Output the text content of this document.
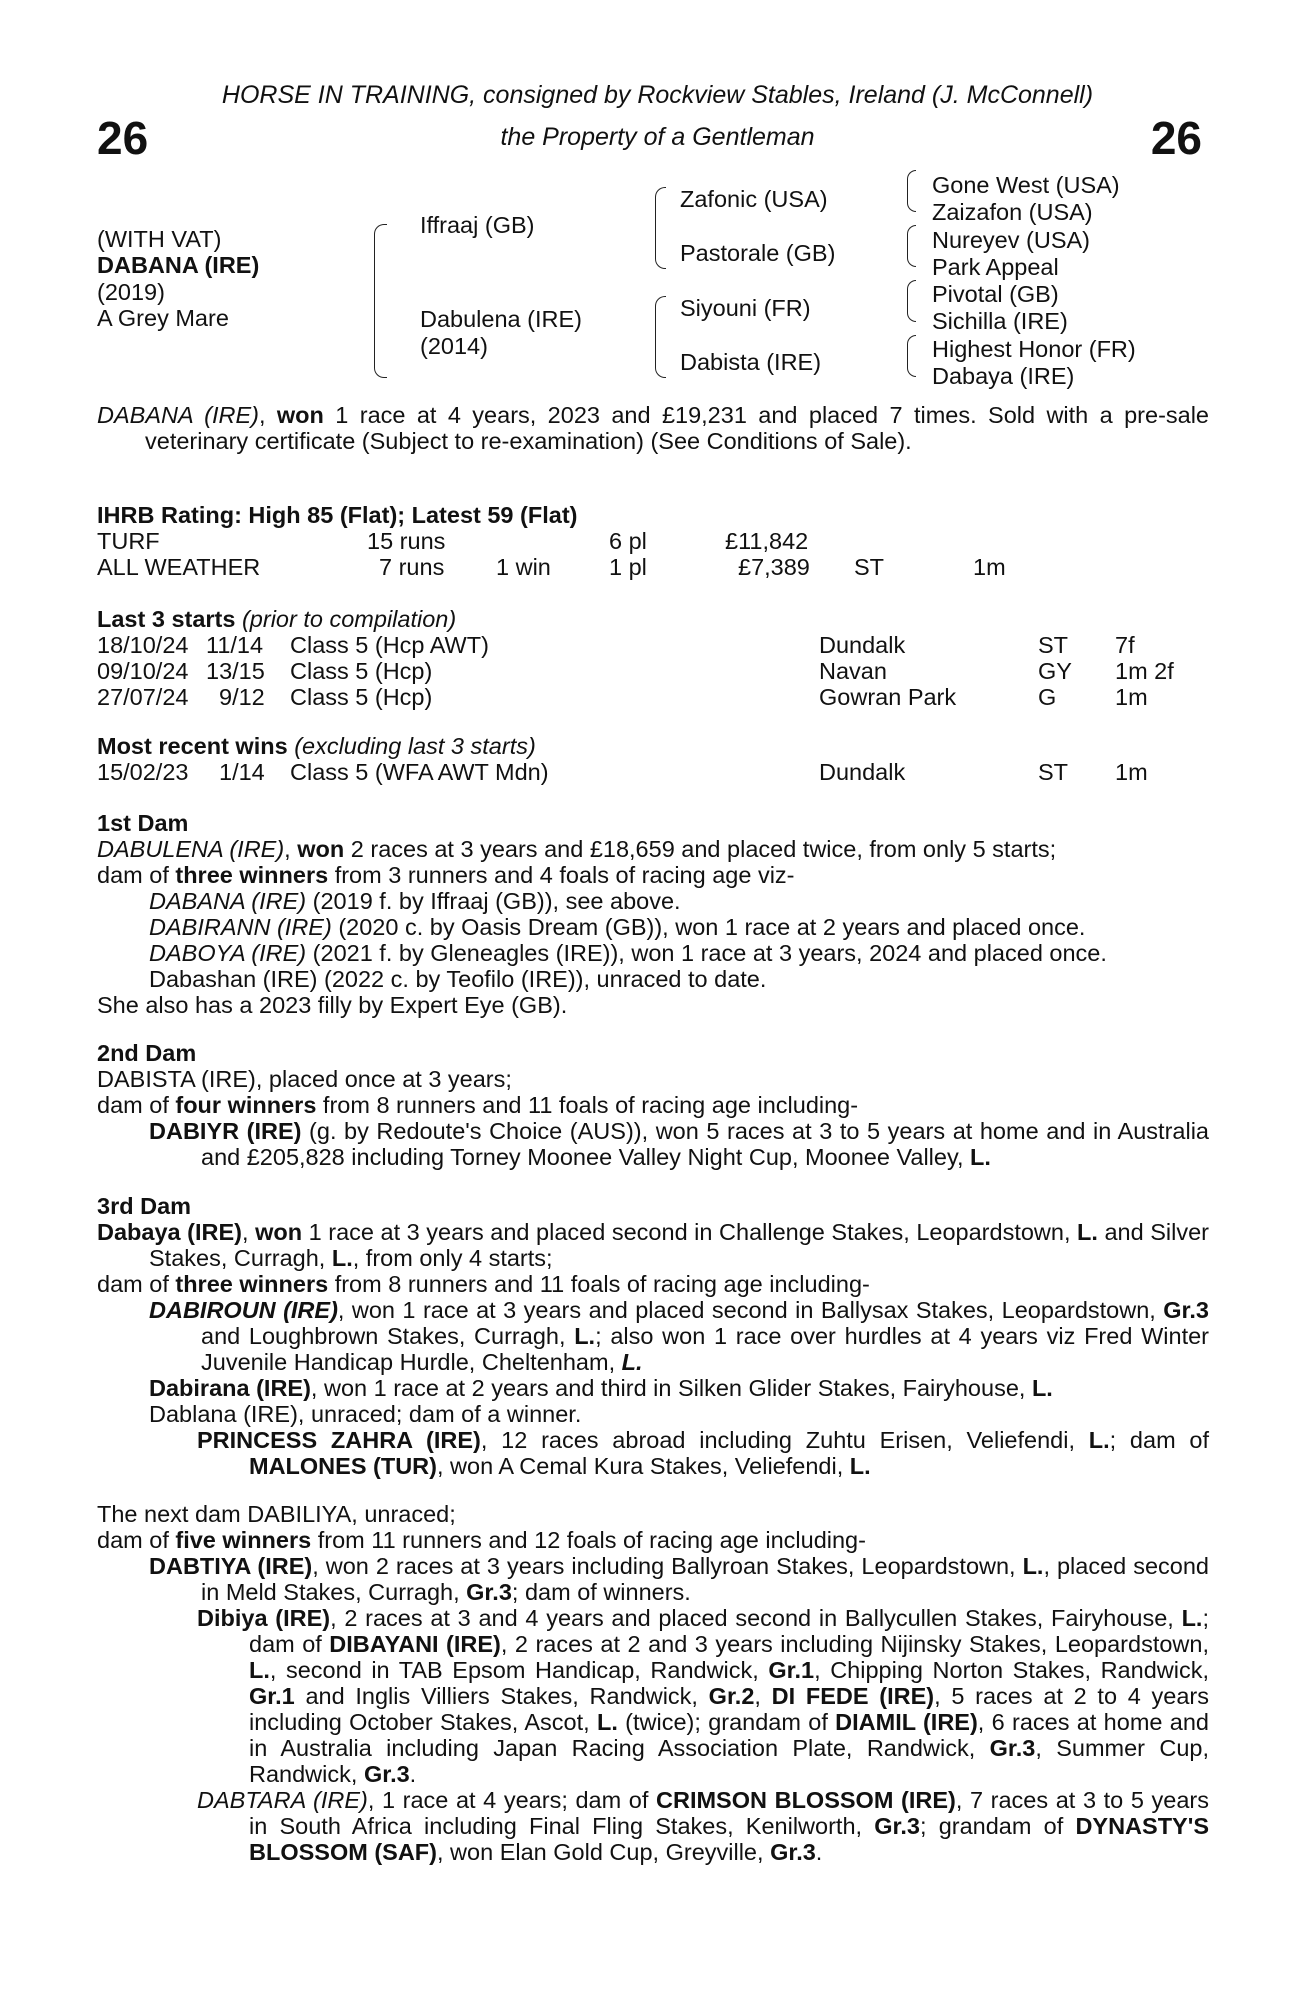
26	26
HORSE IN TRAINING, consigned by Rockview Stables, Ireland (J. McConnell)
the Property of a Gentleman
(WITH VAT)
DABANA (IRE)
(2019)
A Grey Mare
Iffraaj (GB)
Dabulena (IRE)
(2014)
Zafonic (USA)
Pastorale (GB)
Siyouni (FR)
Dabista (IRE)
Gone West (USA)
Zaizafon (USA)
Nureyev (USA)
Park Appeal
Pivotal (GB)
Sichilla (IRE)
Highest Honor (FR)
Dabaya (IRE)

DABANA (IRE), won 1 race at 4 years, 2023 and £19,231 and placed 7 times. Sold with a pre-sale veterinary certificate (Subject to re-examination) (See Conditions of Sale).

IHRB Rating: High 85 (Flat); Latest 59 (Flat)
TURF	15 runs	6 pl	£11,842
ALL WEATHER	7 runs 1 win 1 pl	£7,389 ST	1m
Last 3 starts (prior to compilation)
18/10/24 11/14 Class 5 (Hcp AWT)	Dundalk	ST 7f
09/10/24 13/15 Class 5 (Hcp)	Navan	GY 1m 2f
27/07/24 9/12 Class 5 (Hcp)	Gowran Park	G 1m
Most recent wins (excluding last 3 starts)
15/02/23 1/14 Class 5 (WFA AWT Mdn)	Dundalk	ST 1m

1st Dam

DABULENA (IRE), won 2 races at 3 years and £18,659 and placed twice, from only 5 starts;

dam of three winners from 3 runners and 4 foals of racing age viz-

DABANA (IRE) (2019 f. by Iffraaj (GB)), see above.

DABIRANN (IRE) (2020 c. by Oasis Dream (GB)), won 1 race at 2 years and placed once.

DABOYA (IRE) (2021 f. by Gleneagles (IRE)), won 1 race at 3 years, 2024 and placed once.

Dabashan (IRE) (2022 c. by Teofilo (IRE)), unraced to date.

She also has a 2023 filly by Expert Eye (GB).

2nd Dam

DABISTA (IRE), placed once at 3 years;

dam of four winners from 8 runners and 11 foals of racing age including-

DABIYR (IRE) (g. by Redoute's Choice (AUS)), won 5 races at 3 to 5 years at home and in Australia and £205,828 including Torney Moonee Valley Night Cup, Moonee Valley, L.

3rd Dam

Dabaya (IRE), won 1 race at 3 years and placed second in Challenge Stakes, Leopardstown, L. and Silver Stakes, Curragh, L., from only 4 starts;

dam of three winners from 8 runners and 11 foals of racing age including-

DABIROUN (IRE), won 1 race at 3 years and placed second in Ballysax Stakes, Leopardstown, Gr.3 and Loughbrown Stakes, Curragh, L.; also won 1 race over hurdles at 4 years viz Fred Winter Juvenile Handicap Hurdle, Cheltenham, L.

Dabirana (IRE), won 1 race at 2 years and third in Silken Glider Stakes, Fairyhouse, L.

Dablana (IRE), unraced; dam of a winner.

PRINCESS ZAHRA (IRE), 12 races abroad including Zuhtu Erisen, Veliefendi, L.; dam of MALONES (TUR), won A Cemal Kura Stakes, Veliefendi, L.

The next dam DABILIYA, unraced;

dam of five winners from 11 runners and 12 foals of racing age including-

DABTIYA (IRE), won 2 races at 3 years including Ballyroan Stakes, Leopardstown, L., placed second in Meld Stakes, Curragh, Gr.3; dam of winners.

Dibiya (IRE), 2 races at 3 and 4 years and placed second in Ballycullen Stakes, Fairyhouse, L.; dam of DIBAYANI (IRE), 2 races at 2 and 3 years including Nijinsky Stakes, Leopardstown, L., second in TAB Epsom Handicap, Randwick, Gr.1, Chipping Norton Stakes, Randwick, Gr.1 and Inglis Villiers Stakes, Randwick, Gr.2, DI FEDE (IRE), 5 races at 2 to 4 years including October Stakes, Ascot, L. (twice); grandam of DIAMIL (IRE), 6 races at home and in Australia including Japan Racing Association Plate, Randwick, Gr.3, Summer Cup, Randwick, Gr.3.

DABTARA (IRE), 1 race at 4 years; dam of CRIMSON BLOSSOM (IRE), 7 races at 3 to 5 years in South Africa including Final Fling Stakes, Kenilworth, Gr.3; grandam of DYNASTY'S BLOSSOM (SAF), won Elan Gold Cup, Greyville, Gr.3.
